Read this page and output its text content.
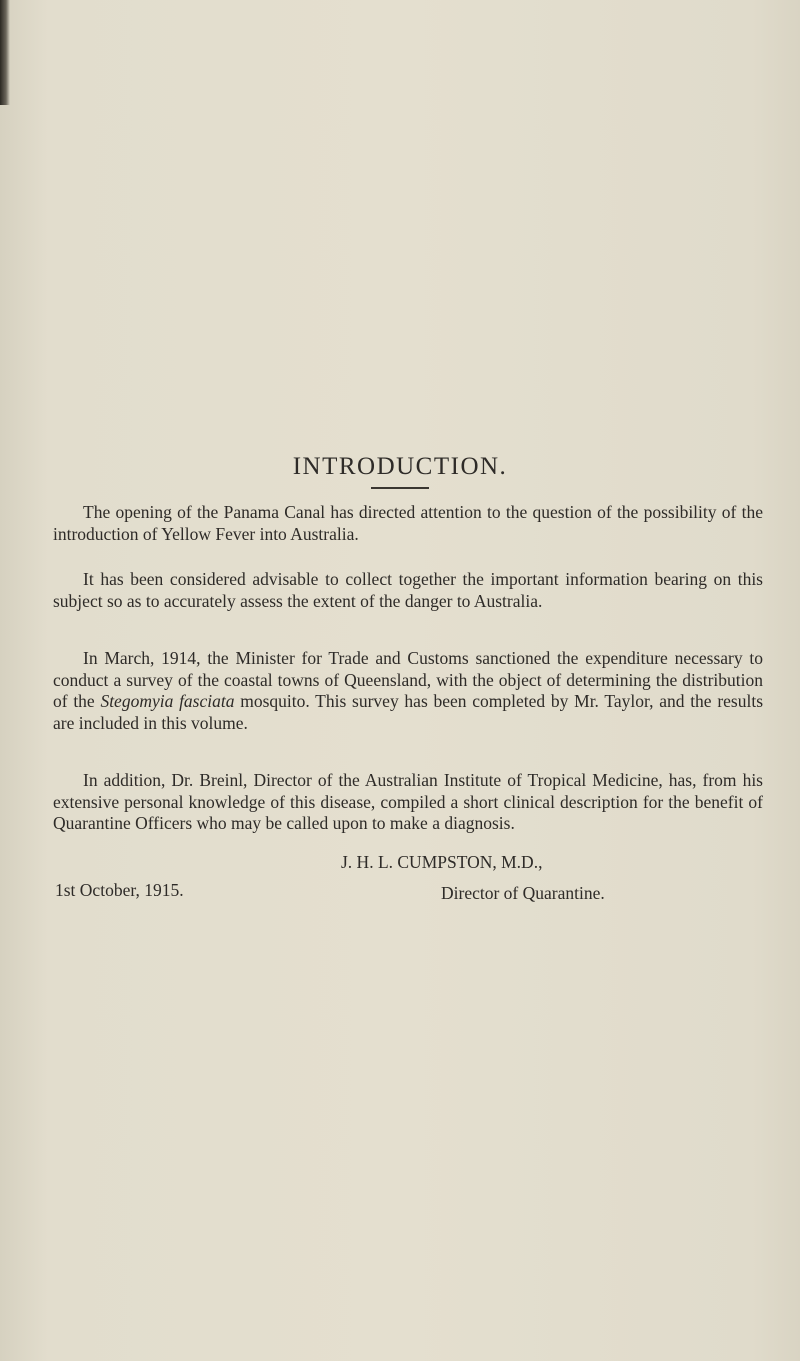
INTRODUCTION.

The opening of the Panama Canal has directed attention to the question of the possibility of the introduction of Yellow Fever into Australia.

It has been considered advisable to collect together the important information bearing on this subject so as to accurately assess the extent of the danger to Australia.

In March, 1914, the Minister for Trade and Customs sanctioned the expenditure necessary to conduct a survey of the coastal towns of Queensland, with the object of determining the distribution of the Stegomyia fasciata mosquito. This survey has been completed by Mr. Taylor, and the results are included in this volume.

In addition, Dr. Breinl, Director of the Australian Institute of Tropical Medicine, has, from his extensive personal knowledge of this disease, compiled a short clinical description for the benefit of Quarantine Officers who may be called upon to make a diagnosis.

J. H. L. CUMPSTON, M.D.,

1st October, 1915.	Director of Quarantine.
